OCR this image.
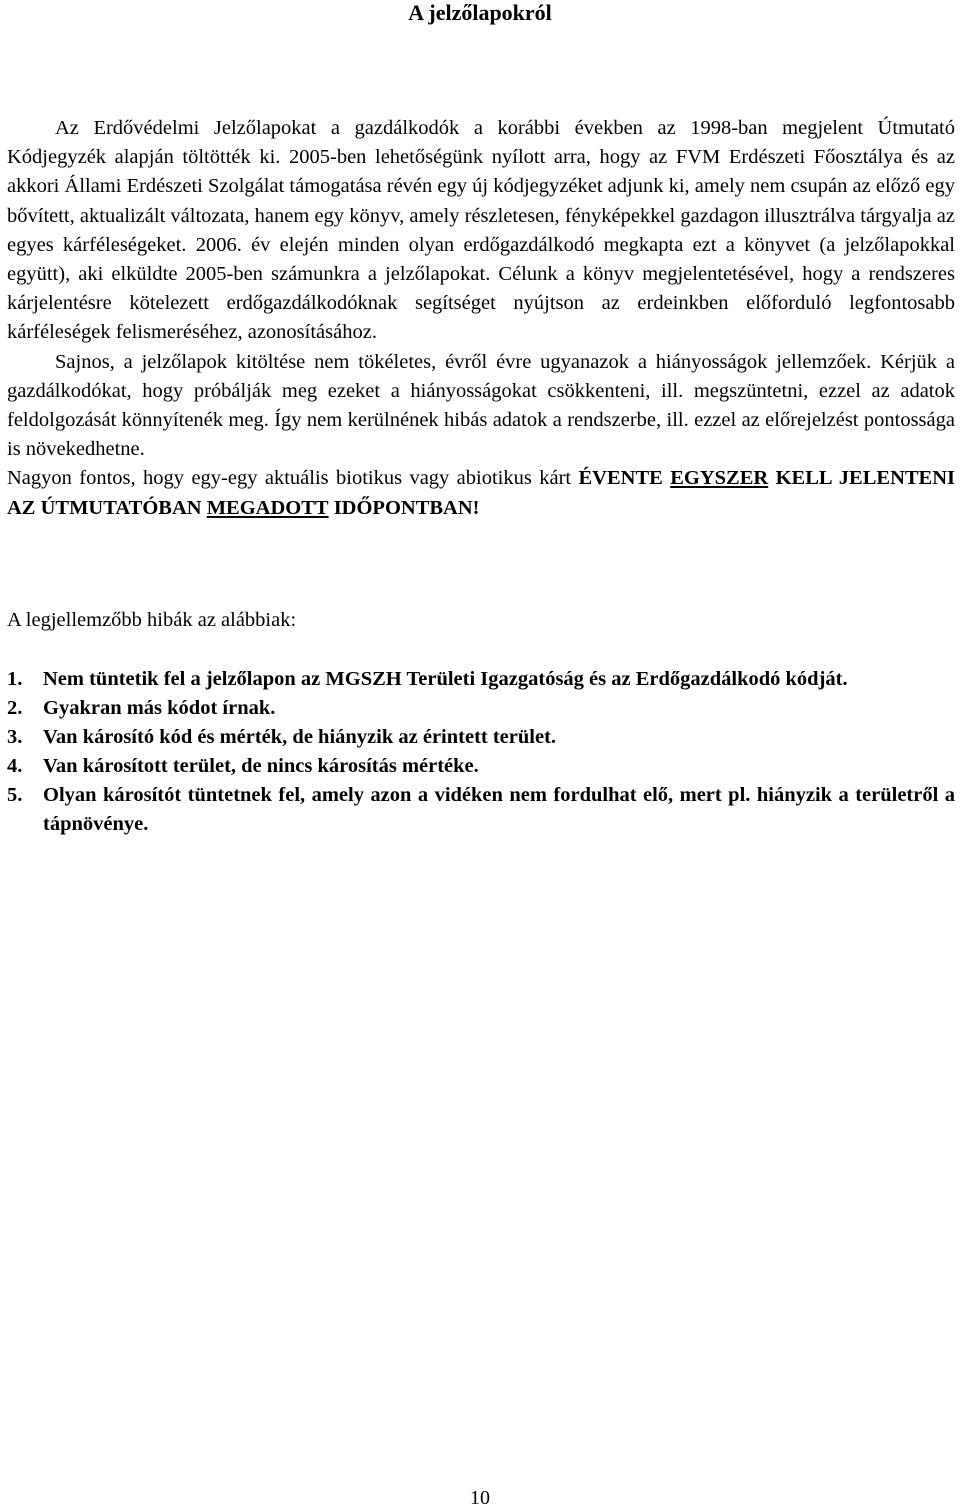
A jelzőlapokról

Az Erdővédelmi Jelzőlapokat a gazdálkodók a korábbi években az 1998-ban megjelent Útmutató Kódjegyzék alapján töltötték ki. 2005-ben lehetőségünk nyílott arra, hogy az FVM Erdészeti Főosztálya és az akkori Állami Erdészeti Szolgálat támogatása révén egy új kódjegyzéket adjunk ki, amely nem csupán az előző egy bővített, aktualizált változata, hanem egy könyv, amely részletesen, fényképekkel gazdagon illusztrálva tárgyalja az egyes kárféleségeket. 2006. év elején minden olyan erdőgazdálkodó megkapta ezt a könyvet (a jelzőlapokkal együtt), aki elküldte 2005-ben számunkra a jelzőlapokat. Célunk a könyv megjelentetésével, hogy a rendszeres kárjelentésre kötelezett erdőgazdálkodóknak segítséget nyújtson az erdeinkben előforduló legfontosabb kárféleségek felismeréséhez, azonosításához.

Sajnos, a jelzőlapok kitöltése nem tökéletes, évről évre ugyanazok a hiányosságok jellemzőek. Kérjük a gazdálkodókat, hogy próbálják meg ezeket a hiányosságokat csökkenteni, ill. megszüntetni, ezzel az adatok feldolgozását könnyítenék meg. Így nem kerülnének hibás adatok a rendszerbe, ill. ezzel az előrejelzést pontossága is növekedhetne.

Nagyon fontos, hogy egy-egy aktuális biotikus vagy abiotikus kárt ÉVENTE EGYSZER KELL JELENTENI AZ ÚTMUTATÓBAN MEGADOTT IDŐPONTBAN!

A legjellemzőbb hibák az alábbiak:
1.	Nem tüntetik fel a jelzőlapon az MGSZH Területi Igazgatóság és az Erdőgazdálkodó kódját.
2.	Gyakran más kódot írnak.
3.	Van károsító kód és mérték, de hiányzik az érintett terület.
4.	Van károsított terület, de nincs károsítás mértéke.
5.	Olyan károsítót tüntetnek fel, amely azon a vidéken nem fordulhat elő, mert pl. hiányzik a területről a tápnövénye.
10
